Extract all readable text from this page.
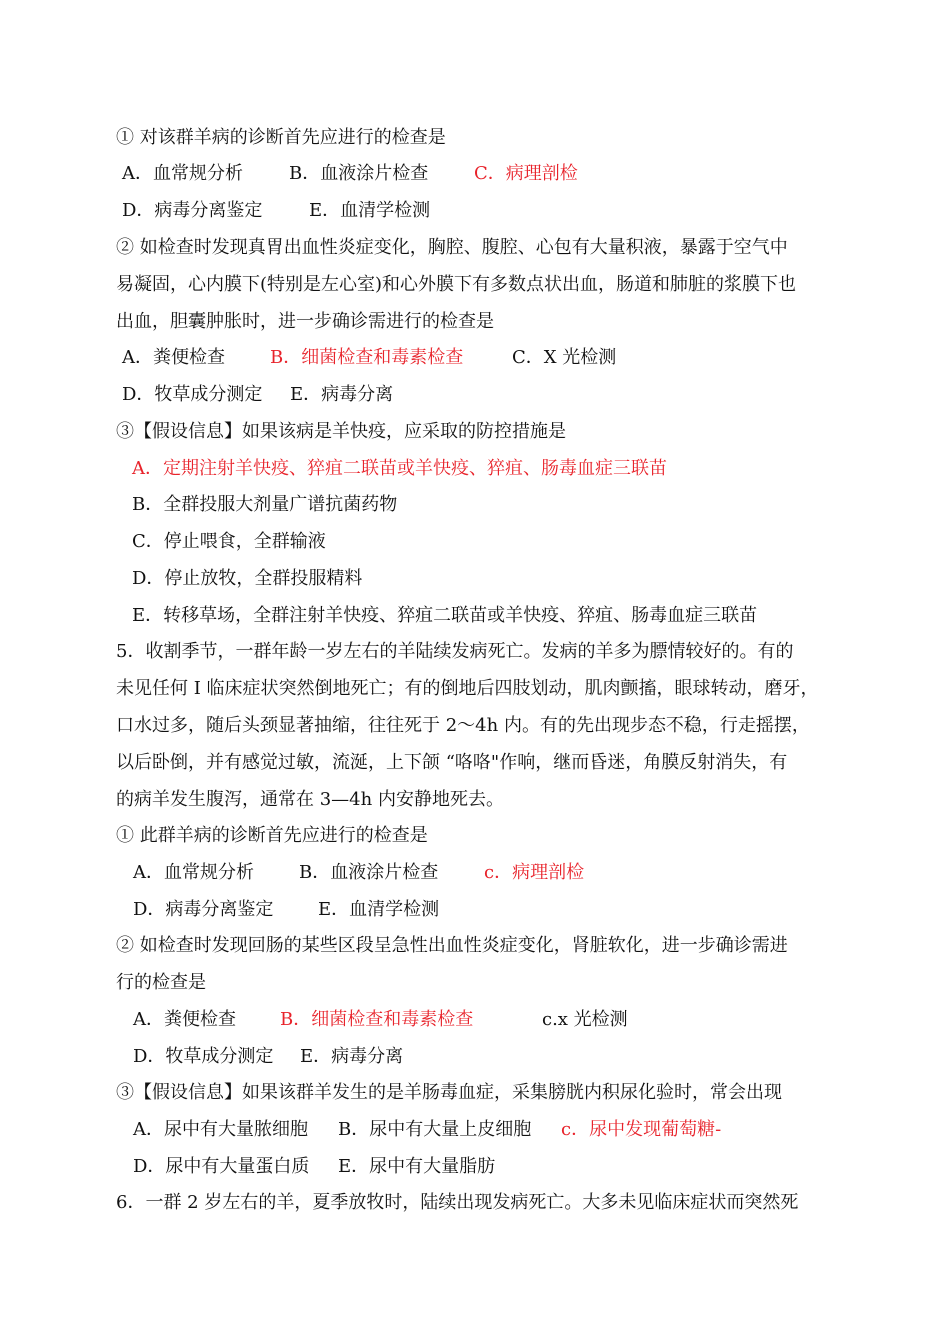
① 对该群羊病的诊断首先应进行的检查是
A．血常规分析	B．血液涂片检查	C．病理剖检
D．病毒分离鉴定	E．血清学检测
② 如检查时发现真胃出血性炎症变化，胸腔、腹腔、心包有大量积液，暴露于空气中
易凝固，心内膜下(特别是左心室)和心外膜下有多数点状出血，肠道和肺脏的浆膜下也
出血，胆囊肿胀时，进一步确诊需进行的检查是
A．粪便检查	B．细菌检查和毒素检查	C．X 光检测
D．牧草成分测定 E．病毒分离
③【假设信息】如果该病是羊快疫，应采取的防控措施是
A．定期注射羊快疫、猝疽二联苗或羊快疫、猝疽、肠毒血症三联苗
B．全群投服大剂量广谱抗菌药物
C．停止喂食，全群输液
D．停止放牧，全群投服精料
E．转移草场，全群注射羊快疫、猝疽二联苗或羊快疫、猝疽、肠毒血症三联苗
5．收割季节，一群年龄一岁左右的羊陆续发病死亡。发病的羊多为膘情较好的。有的
未见任何 I 临床症状突然倒地死亡；有的倒地后四肢划动，肌肉颤搐，眼球转动，磨牙，
口水过多，随后头颈显著抽缩，往往死于 2～4h 内。有的先出现步态不稳，行走摇摆，
以后卧倒，并有感觉过敏，流涎，上下颌 “咯咯"作响，继而昏迷，角膜反射消失，有
的病羊发生腹泻，通常在 3—4h 内安静地死去。
① 此群羊病的诊断首先应进行的检查是
A．血常规分析	B．血液涂片检查	c．病理剖检
D．病毒分离鉴定 E．血清学检测
② 如检查时发现回肠的某些区段呈急性出血性炎症变化，肾脏软化，进一步确诊需进
行的检查是
A．粪便检查 B．细菌检查和毒素检查	c.x 光检测
D．牧草成分测定 E．病毒分离
③【假设信息】如果该群羊发生的是羊肠毒血症，采集膀胱内积尿化验时，常会出现
A．尿中有大量脓细胞 B．尿中有大量上皮细胞 c．尿中发现葡萄糖-
D．尿中有大量蛋白质 E．尿中有大量脂肪
6．一群 2 岁左右的羊，夏季放牧时，陆续出现发病死亡。大多未见临床症状而突然死
